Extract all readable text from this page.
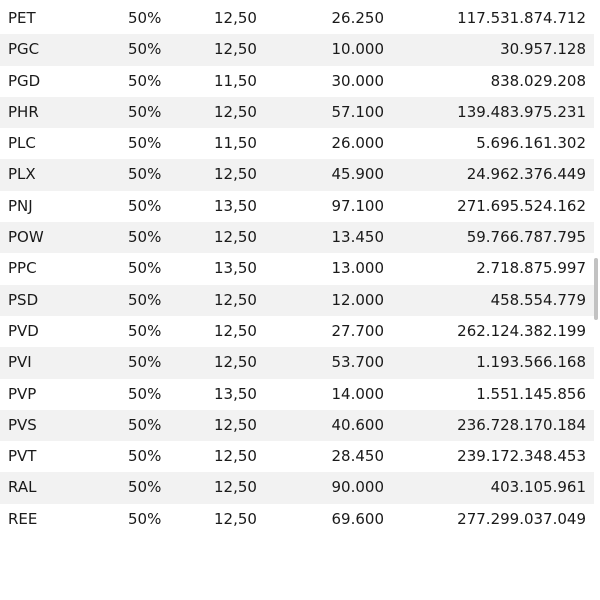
PET	50%	12,50	26.250	117.531.874.712
PGC	50%	12,50	10.000	30.957.128
PGD	50%	11,50	30.000	838.029.208
PHR	50%	12,50	57.100	139.483.975.231
PLC	50%	11,50	26.000	5.696.161.302
PLX	50%	12,50	45.900	24.962.376.449
PNJ	50%	13,50	97.100	271.695.524.162
POW	50%	12,50	13.450	59.766.787.795
PPC	50%	13,50	13.000	2.718.875.997
PSD	50%	12,50	12.000	458.554.779
PVD	50%	12,50	27.700	262.124.382.199
PVI	50%	12,50	53.700	1.193.566.168
PVP	50%	13,50	14.000	1.551.145.856
PVS	50%	12,50	40.600	236.728.170.184
PVT	50%	12,50	28.450	239.172.348.453
RAL	50%	12,50	90.000	403.105.961
REE	50%	12,50	69.600	277.299.037.049
